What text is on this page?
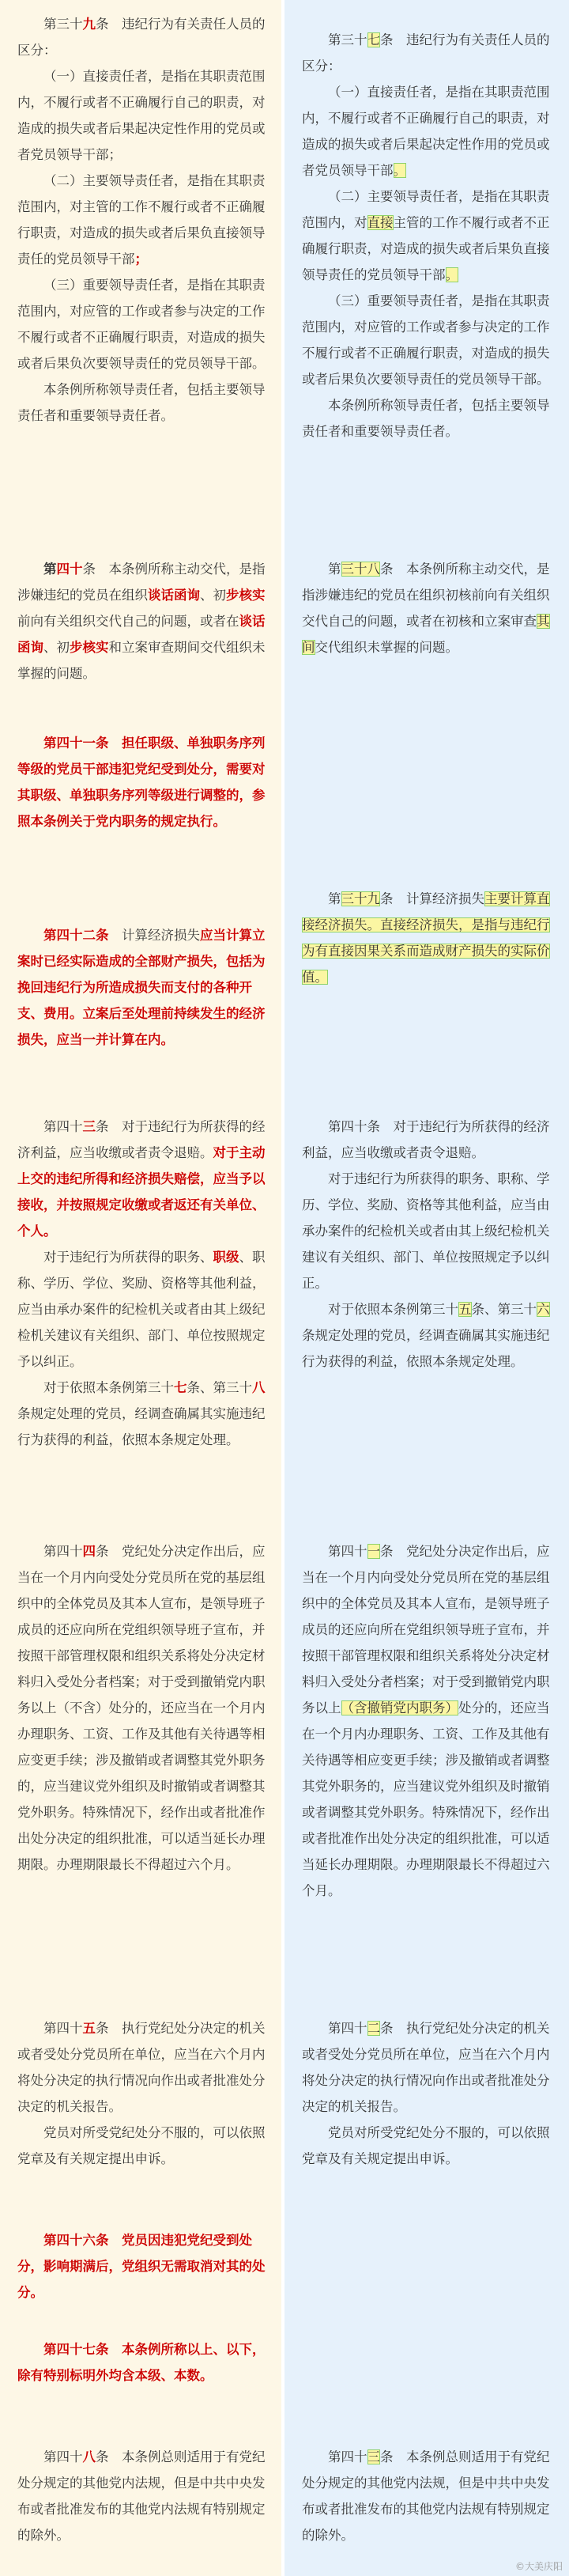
第三十九条　违纪行为有关责任人员的区分：

（一）直接责任者，是指在其职责范围内，不履行或者不正确履行自己的职责，对造成的损失或者后果起决定性作用的党员或者党员领导干部；

（二）主要领导责任者，是指在其职责范围内，对主管的工作不履行或者不正确履行职责，对造成的损失或者后果负直接领导责任的党员领导干部；

（三）重要领导责任者，是指在其职责范围内，对应管的工作或者参与决定的工作不履行或者不正确履行职责，对造成的损失或者后果负次要领导责任的党员领导干部。

本条例所称领导责任者，包括主要领导责任者和重要领导责任者。

第四十条　本条例所称主动交代，是指涉嫌违纪的党员在组织谈话函询、初步核实前向有关组织交代自己的问题，或者在谈话函询、初步核实和立案审查期间交代组织未掌握的问题。

第四十一条　担任职级、单独职务序列等级的党员干部违犯党纪受到处分，需要对其职级、单独职务序列等级进行调整的，参照本条例关于党内职务的规定执行。

第四十二条　计算经济损失应当计算立案时已经实际造成的全部财产损失，包括为挽回违纪行为所造成损失而支付的各种开支、费用。立案后至处理前持续发生的经济损失，应当一并计算在内。

第四十三条　对于违纪行为所获得的经济利益，应当收缴或者责令退赔。对于主动上交的违纪所得和经济损失赔偿，应当予以接收，并按照规定收缴或者返还有关单位、个人。

对于违纪行为所获得的职务、职级、职称、学历、学位、奖励、资格等其他利益，应当由承办案件的纪检机关或者由其上级纪检机关建议有关组织、部门、单位按照规定予以纠正。

对于依照本条例第三十七条、第三十八条规定处理的党员，经调查确属其实施违纪行为获得的利益，依照本条规定处理。

第四十四条　党纪处分决定作出后，应当在一个月内向受处分党员所在党的基层组织中的全体党员及其本人宣布，是领导班子成员的还应向所在党组织领导班子宣布，并按照干部管理权限和组织关系将处分决定材料归入受处分者档案；对于受到撤销党内职务以上（不含）处分的，还应当在一个月内办理职务、工资、工作及其他有关待遇等相应变更手续；涉及撤销或者调整其党外职务的，应当建议党外组织及时撤销或者调整其党外职务。特殊情况下，经作出或者批准作出处分决定的组织批准，可以适当延长办理期限。办理期限最长不得超过六个月。

第四十五条　执行党纪处分决定的机关或者受处分党员所在单位，应当在六个月内将处分决定的执行情况向作出或者批准处分决定的机关报告。

党员对所受党纪处分不服的，可以依照党章及有关规定提出申诉。

第四十六条　党员因违犯党纪受到处分，影响期满后，党组织无需取消对其的处分。

第四十七条　本条例所称以上、以下，除有特别标明外均含本级、本数。

第四十八条　本条例总则适用于有党纪处分规定的其他党内法规，但是中共中央发布或者批准发布的其他党内法规有特别规定的除外。

第三十七条　违纪行为有关责任人员的区分：

（一）直接责任者，是指在其职责范围内，不履行或者不正确履行自己的职责，对造成的损失或者后果起决定性作用的党员或者党员领导干部。

（二）主要领导责任者，是指在其职责范围内，对直接主管的工作不履行或者不正确履行职责，对造成的损失或者后果负直接领导责任的党员领导干部。

（三）重要领导责任者，是指在其职责范围内，对应管的工作或者参与决定的工作不履行或者不正确履行职责，对造成的损失或者后果负次要领导责任的党员领导干部。

本条例所称领导责任者，包括主要领导责任者和重要领导责任者。

第三十八条　本条例所称主动交代，是指涉嫌违纪的党员在组织初核前向有关组织交代自己的问题，或者在初核和立案审查其间交代组织未掌握的问题。

第三十九条　计算经济损失主要计算直接经济损失。直接经济损失，是指与违纪行为有直接因果关系而造成财产损失的实际价值。

第四十条　对于违纪行为所获得的经济利益，应当收缴或者责令退赔。

对于违纪行为所获得的职务、职称、学历、学位、奖励、资格等其他利益，应当由承办案件的纪检机关或者由其上级纪检机关建议有关组织、部门、单位按照规定予以纠正。

对于依照本条例第三十五条、第三十六条规定处理的党员，经调查确属其实施违纪行为获得的利益，依照本条规定处理。

第四十一条　党纪处分决定作出后，应当在一个月内向受处分党员所在党的基层组织中的全体党员及其本人宣布，是领导班子成员的还应向所在党组织领导班子宣布，并按照干部管理权限和组织关系将处分决定材料归入受处分者档案；对于受到撤销党内职务以上（含撤销党内职务）处分的，还应当在一个月内办理职务、工资、工作及其他有关待遇等相应变更手续；涉及撤销或者调整其党外职务的，应当建议党外组织及时撤销或者调整其党外职务。特殊情况下，经作出或者批准作出处分决定的组织批准，可以适当延长办理期限。办理期限最长不得超过六个月。

第四十二条　执行党纪处分决定的机关或者受处分党员所在单位，应当在六个月内将处分决定的执行情况向作出或者批准处分决定的机关报告。

党员对所受党纪处分不服的，可以依照党章及有关规定提出申诉。

第四十三条　本条例总则适用于有党纪处分规定的其他党内法规，但是中共中央发布或者批准发布的其他党内法规有特别规定的除外。

©大美庆阳
